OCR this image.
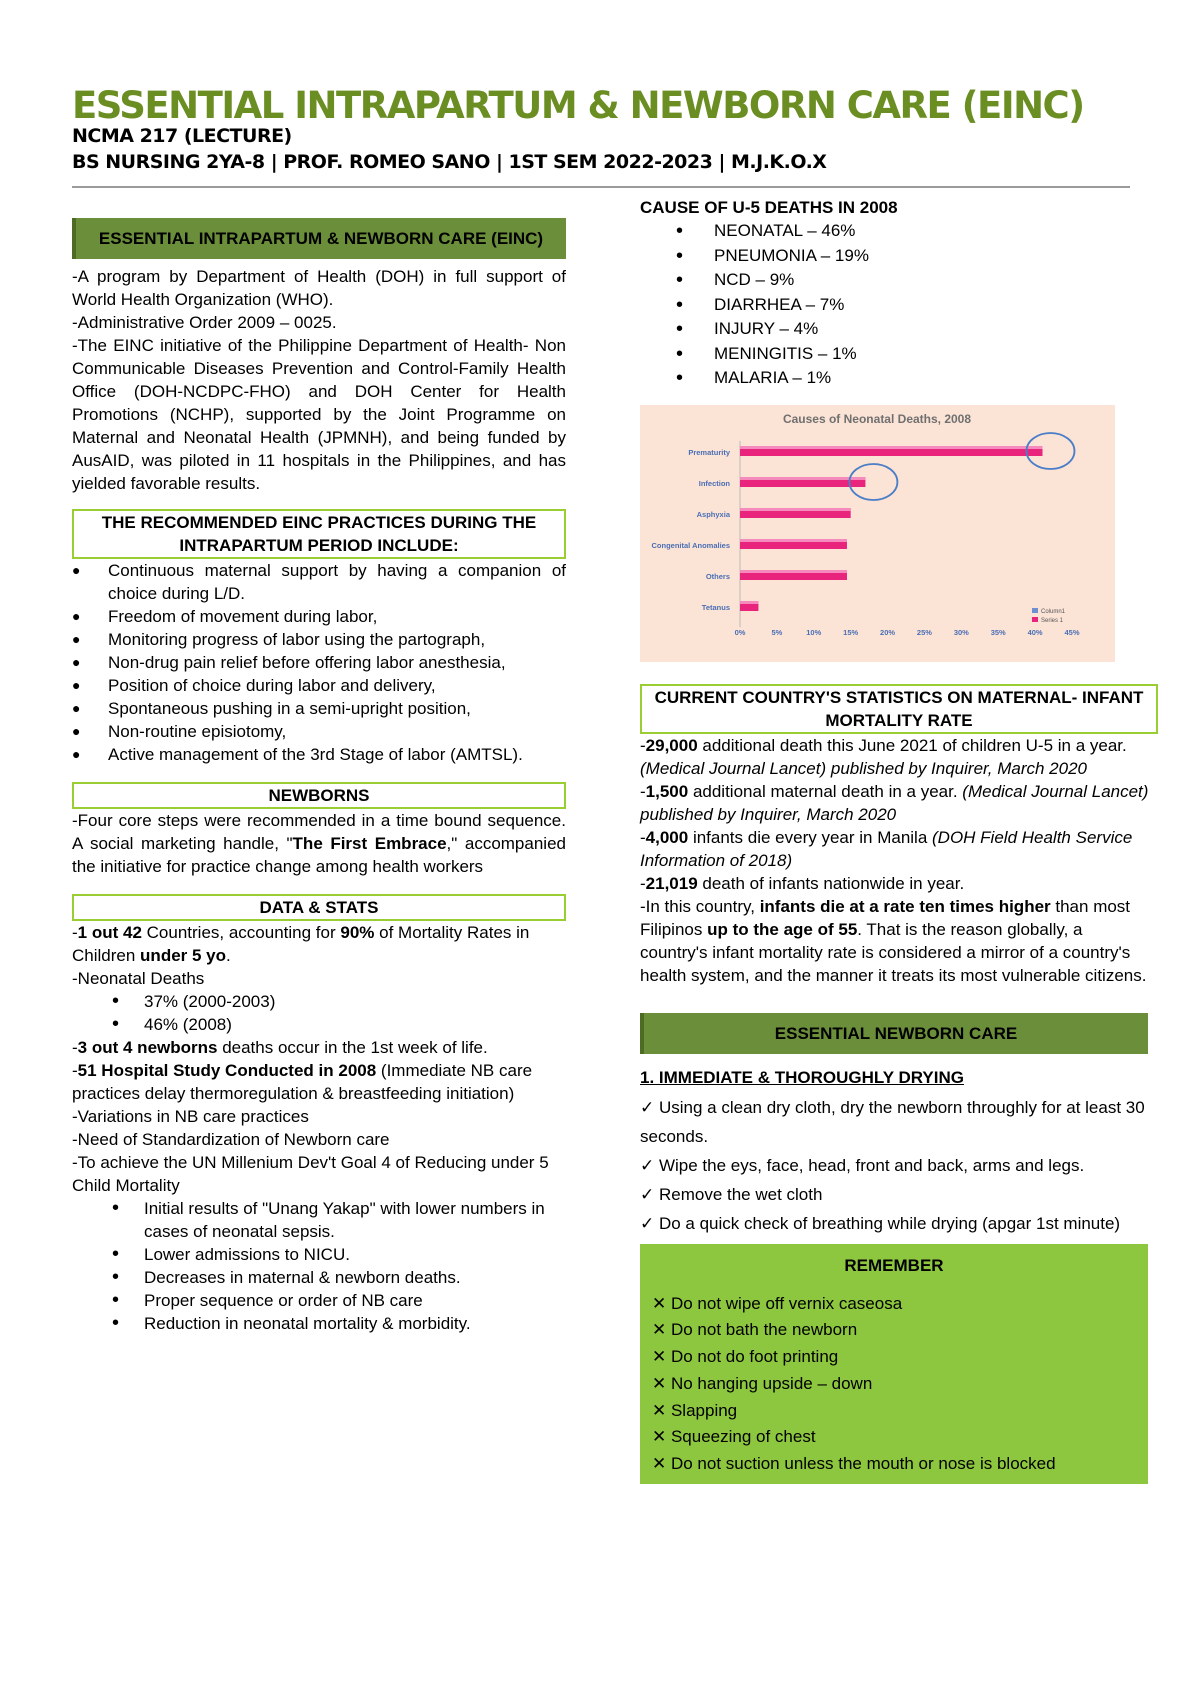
ESSENTIAL INTRAPARTUM & NEWBORN CARE (EINC)
NCMA 217 (LECTURE)
BS NURSING 2YA-8 | PROF. ROMEO SANO | 1ST SEM 2022-2023 | M.J.K.O.X
ESSENTIAL INTRAPARTUM & NEWBORN CARE (EINC)

-A program by Department of Health (DOH) in full support of World Health Organization (WHO).

-Administrative Order 2009 – 0025.

-The EINC initiative of the Philippine Department of Health- Non Communicable Diseases Prevention and Control-Family Health Office (DOH-NCDPC-FHO) and DOH Center for Health Promotions (NCHP), supported by the Joint Programme on Maternal and Neonatal Health (JPMNH), and being funded by AusAID, was piloted in 11 hospitals in the Philippines, and has yielded favorable results.

THE RECOMMENDED EINC PRACTICES DURING THE INTRAPARTUM PERIOD INCLUDE:
● Continuous maternal support by having a companion of choice during L/D.
● Freedom of movement during labor,
● Monitoring progress of labor using the partograph,
● Non-drug pain relief before offering labor anesthesia,
● Position of choice during labor and delivery,
● Spontaneous pushing in a semi-upright position,
● Non-routine episiotomy,
● Active management of the 3rd Stage of labor (AMTSL).
NEWBORNS

-Four core steps were recommended in a time bound sequence. A social marketing handle, "The First Embrace," accompanied the initiative for practice change among health workers

DATA & STATS

-1 out 42 Countries, accounting for 90% of Mortality Rates in Children under 5 yo.

-Neonatal Deaths

• 37% (2000-2003)
• 46% (2008)

-3 out 4 newborns deaths occur in the 1st week of life.

-51 Hospital Study Conducted in 2008 (Immediate NB care practices delay thermoregulation & breastfeeding initiation)

-Variations in NB care practices

-Need of Standardization of Newborn care

-To achieve the UN Millenium Dev't Goal 4 of Reducing under 5 Child Mortality

• Initial results of "Unang Yakap" with lower numbers in cases of neonatal sepsis.
• Lower admissions to NICU.
• Decreases in maternal & newborn deaths.
• Proper sequence or order of NB care
• Reduction in neonatal mortality & morbidity.

CAUSE OF U-5 DEATHS IN 2008

• NEONATAL – 46%
• PNEUMONIA – 19%
• NCD – 9%
• DIARRHEA – 7%
• INJURY – 4%
• MENINGITIS – 1%
• MALARIA – 1%
Causes of Neonatal Deaths, 2008
Prematurity
Infection
Asphyxia
Congenital Anomalies
Others
Tetanus
0%	5%	10%	15%	20%	25%	30%	35%	40%	45%
Column1
Series 1
CURRENT COUNTRY'S STATISTICS ON MATERNAL- INFANT MORTALITY RATE

-29,000 additional death this June 2021 of children U-5 in a year. (Medical Journal Lancet) published by Inquirer, March 2020

-1,500 additional maternal death in a year. (Medical Journal Lancet) published by Inquirer, March 2020

-4,000 infants die every year in Manila (DOH Field Health Service Information of 2018)

-21,019 death of infants nationwide in year.

-In this country, infants die at a rate ten times higher than most Filipinos up to the age of 55. That is the reason globally, a country's infant mortality rate is considered a mirror of a country's health system, and the manner it treats its most vulnerable citizens.

ESSENTIAL NEWBORN CARE

1. IMMEDIATE & THOROUGHLY DRYING

✓ Using a clean dry cloth, dry the newborn throughly for at least 30 seconds.

✓ Wipe the eys, face, head, front and back, arms and legs.

✓ Remove the wet cloth

✓ Do a quick check of breathing while drying (apgar 1st minute)

REMEMBER
✕ Do not wipe off vernix caseosa
✕ Do not bath the newborn
✕ Do not do foot printing
✕ No hanging upside – down
✕ Slapping
✕ Squeezing of chest
✕ Do not suction unless the mouth or nose is blocked
